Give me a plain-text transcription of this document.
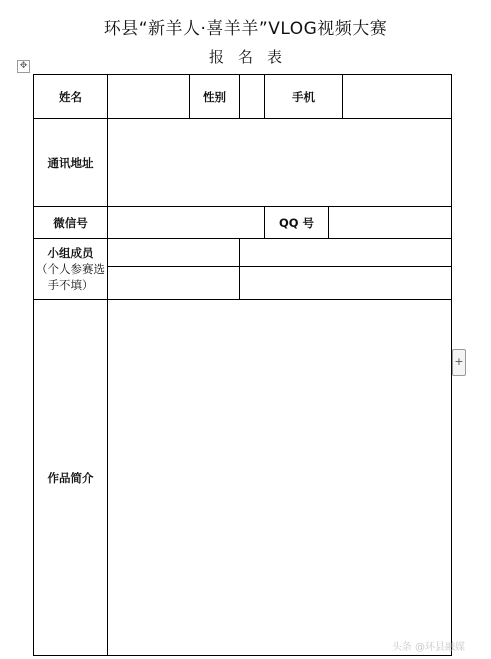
环县“新羊人·喜羊羊”VLOG视频大赛
报名表
✥
姓名		性别		手机		
通讯地址						
微信号				QQ 号		

小组成员
（个人参赛选手不填）						

作品简介						
+
头条 @环县融媒
